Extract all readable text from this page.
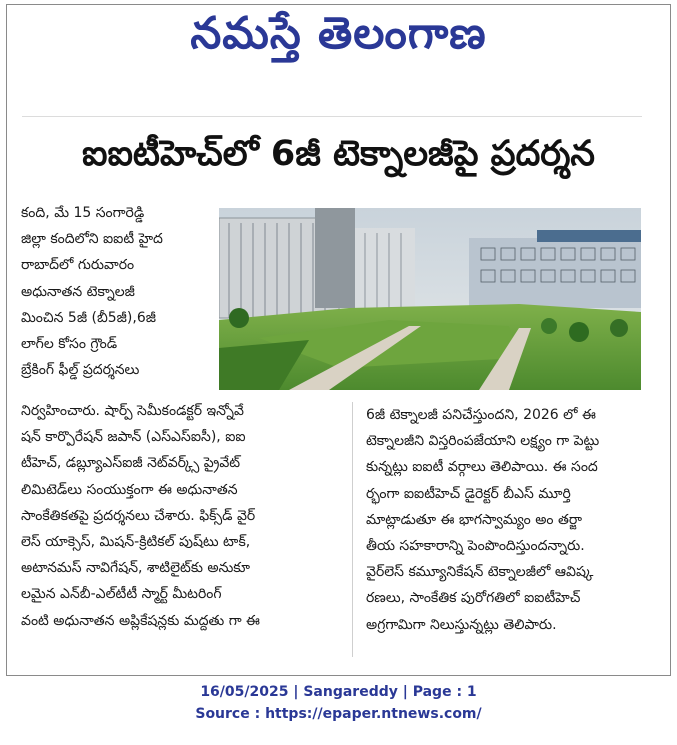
నమస్తే తెలంగాణ
ఐఐటీహెచ్‌లో 6జీ టెక్నాలజీపై ప్రదర్శన
కంది, మే 15 సంగారెడ్డి
జిల్లా కందిలోని ఐఐటీ హైద
రాబాద్‌లో గురువారం
అధునాతన టెక్నాలజీ
మించిన 5జీ (బీ5జీ),6జీ
లాగ్‌ల కోసం గ్రౌండ్
బ్రేకింగ్ ఫీల్డ్ ప్రదర్శనలు
నిర్వహించారు. షార్ప్ సెమీకండక్టర్ ఇన్నోవే
షన్ కార్పొరేషన్ జపాన్ (ఎస్ఎస్ఐసీ), ఐఐ
టీహెచ్, డబ్ల్యూఎస్ఐజీ నెట్‌వర్క్స్ ప్రైవేట్
లిమిటెడ్‌లు సంయుక్తంగా ఈ అధునాతన
సాంకేతికతపై ప్రదర్శనలు చేశారు. ఫిక్స్‌డ్ వైర్
లెస్ యాక్సెస్, మిషన్-క్రిటికల్ పుష్‌టు టాక్,
అటానమస్ నావిగేషన్, శాటిలైట్‌కు అనుకూ
లమైన ఎన్‌బీ-ఎల్‌టీటీ స్మార్ట్ మీటరింగ్
వంటి అధునాతన అప్లికేషన్లకు మద్దతు గా ఈ
6జీ టెక్నాలజీ పనిచేస్తుందని, 2026 లో ఈ
టెక్నాలజీని విస్తరింపజేయాని లక్ష్యం గా పెట్టు
కున్నట్లు ఐఐటీ వర్గాలు తెలిపాయి. ఈ సంద
ర్భంగా ఐఐటీహెచ్ డైరెక్టర్ బీఎస్ మూర్తి
మాట్లాడుతూ ఈ భాగస్వామ్యం అం తర్జా
తీయ సహకారాన్ని పెంపొందిస్తుందన్నారు.
వైర్‌లెస్ కమ్యూనికేషన్ టెక్నాలజీలో ఆవిష్క
రణలు, సాంకేతిక పురోగతిలో ఐఐటీహెచ్
అగ్రగామిగా నిలుస్తున్నట్లు తెలిపారు.
16/05/2025 | Sangareddy | Page : 1
Source : https://epaper.ntnews.com/
